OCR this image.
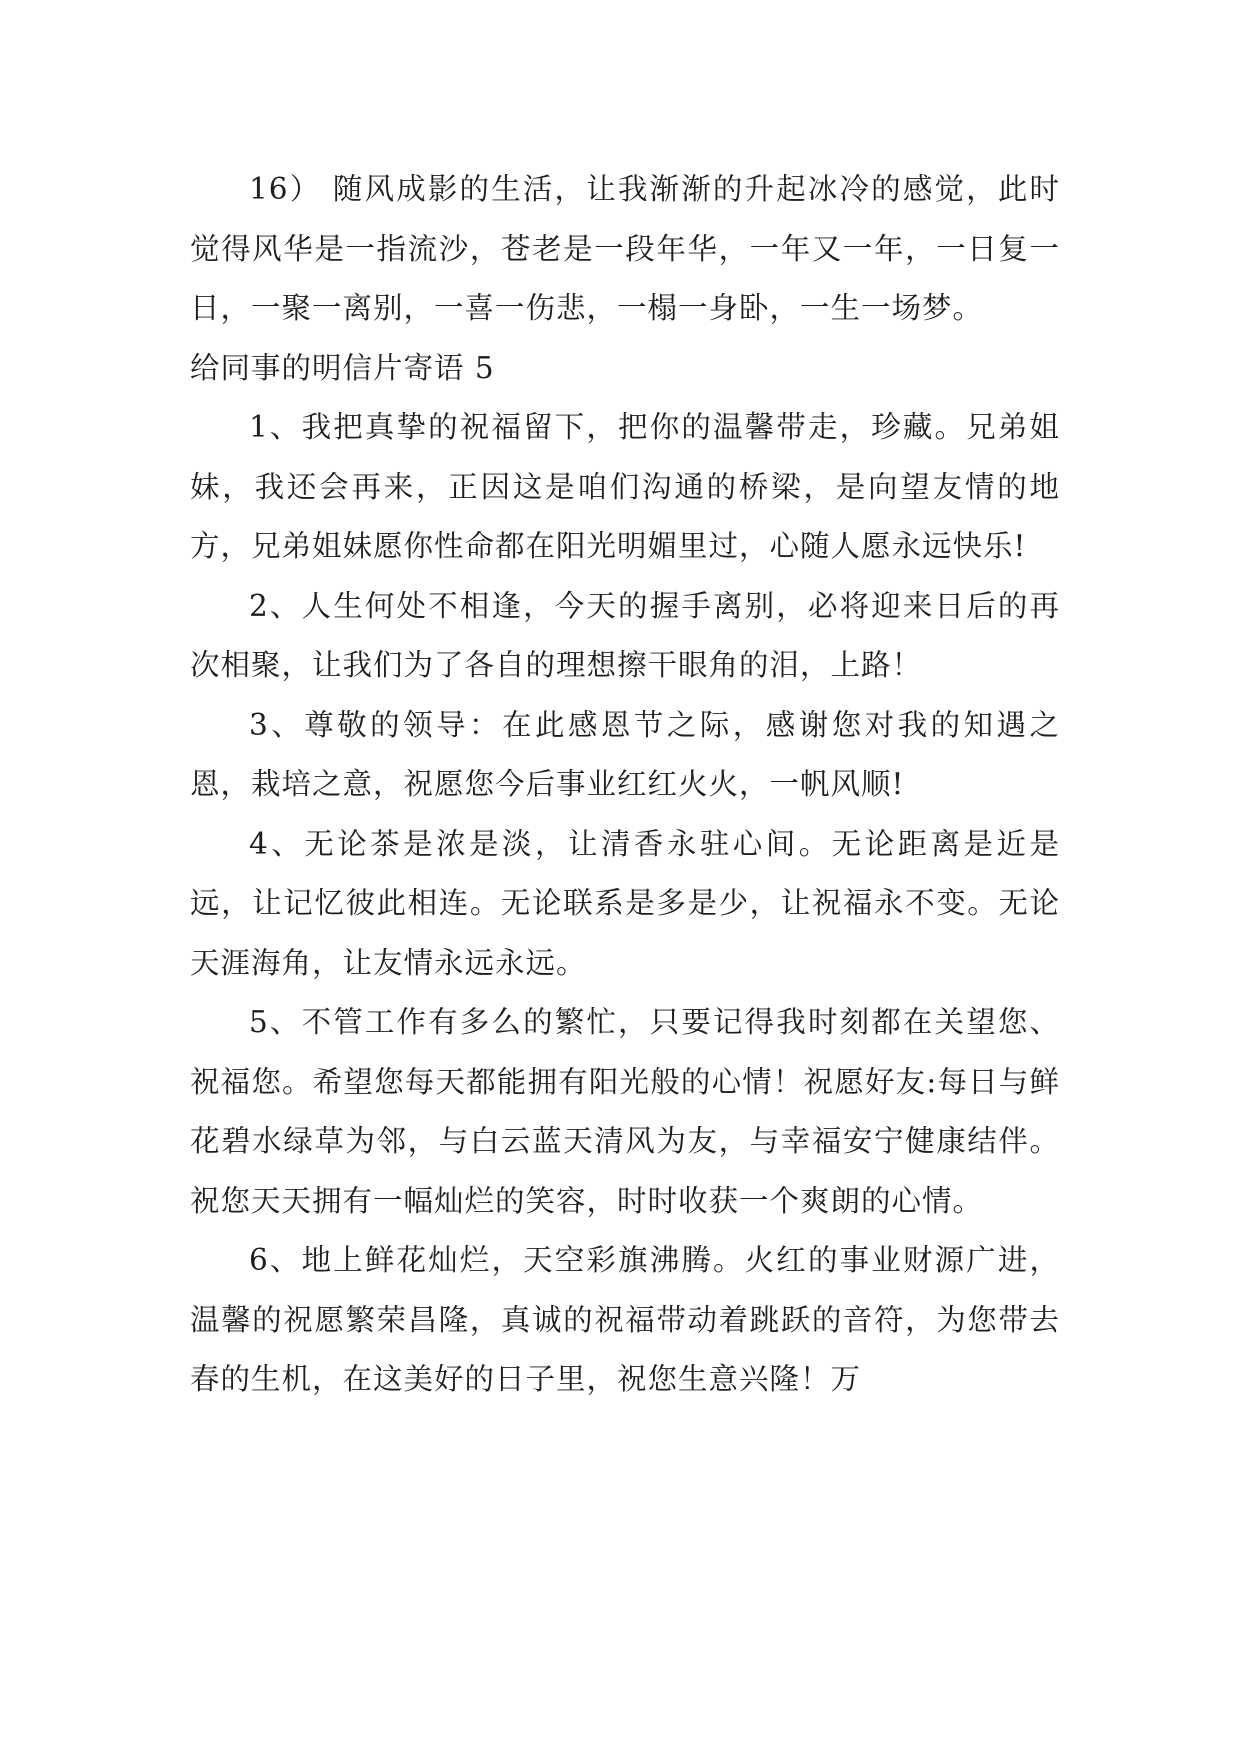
16） 随风成影的生活，让我渐渐的升起冰冷的感觉，此时觉得风华是一指流沙，苍老是一段年华，一年又一年，一日复一日，一聚一离别，一喜一伤悲，一榻一身卧，一生一场梦。

给同事的明信片寄语 5

1、我把真挚的祝福留下，把你的温馨带走，珍藏。兄弟姐妹，我还会再来，正因这是咱们沟通的桥梁，是向望友情的地方，兄弟姐妹愿你性命都在阳光明媚里过，心随人愿永远快乐!

2、人生何处不相逢，今天的握手离别，必将迎来日后的再次相聚，让我们为了各自的理想擦干眼角的泪，上路！

3、尊敬的领导：在此感恩节之际，感谢您对我的知遇之恩，栽培之意，祝愿您今后事业红红火火，一帆风顺!

4、无论茶是浓是淡，让清香永驻心间。无论距离是近是远，让记忆彼此相连。无论联系是多是少，让祝福永不变。无论天涯海角，让友情永远永远。

5、不管工作有多么的繁忙，只要记得我时刻都在关望您、祝福您。希望您每天都能拥有阳光般的心情！祝愿好友:每日与鲜花碧水绿草为邻，与白云蓝天清风为友，与幸福安宁健康结伴。祝您天天拥有一幅灿烂的笑容，时时收获一个爽朗的心情。

6、地上鲜花灿烂，天空彩旗沸腾。火红的事业财源广进，温馨的祝愿繁荣昌隆，真诚的祝福带动着跳跃的音符，为您带去春的生机，在这美好的日子里，祝您生意兴隆！万
